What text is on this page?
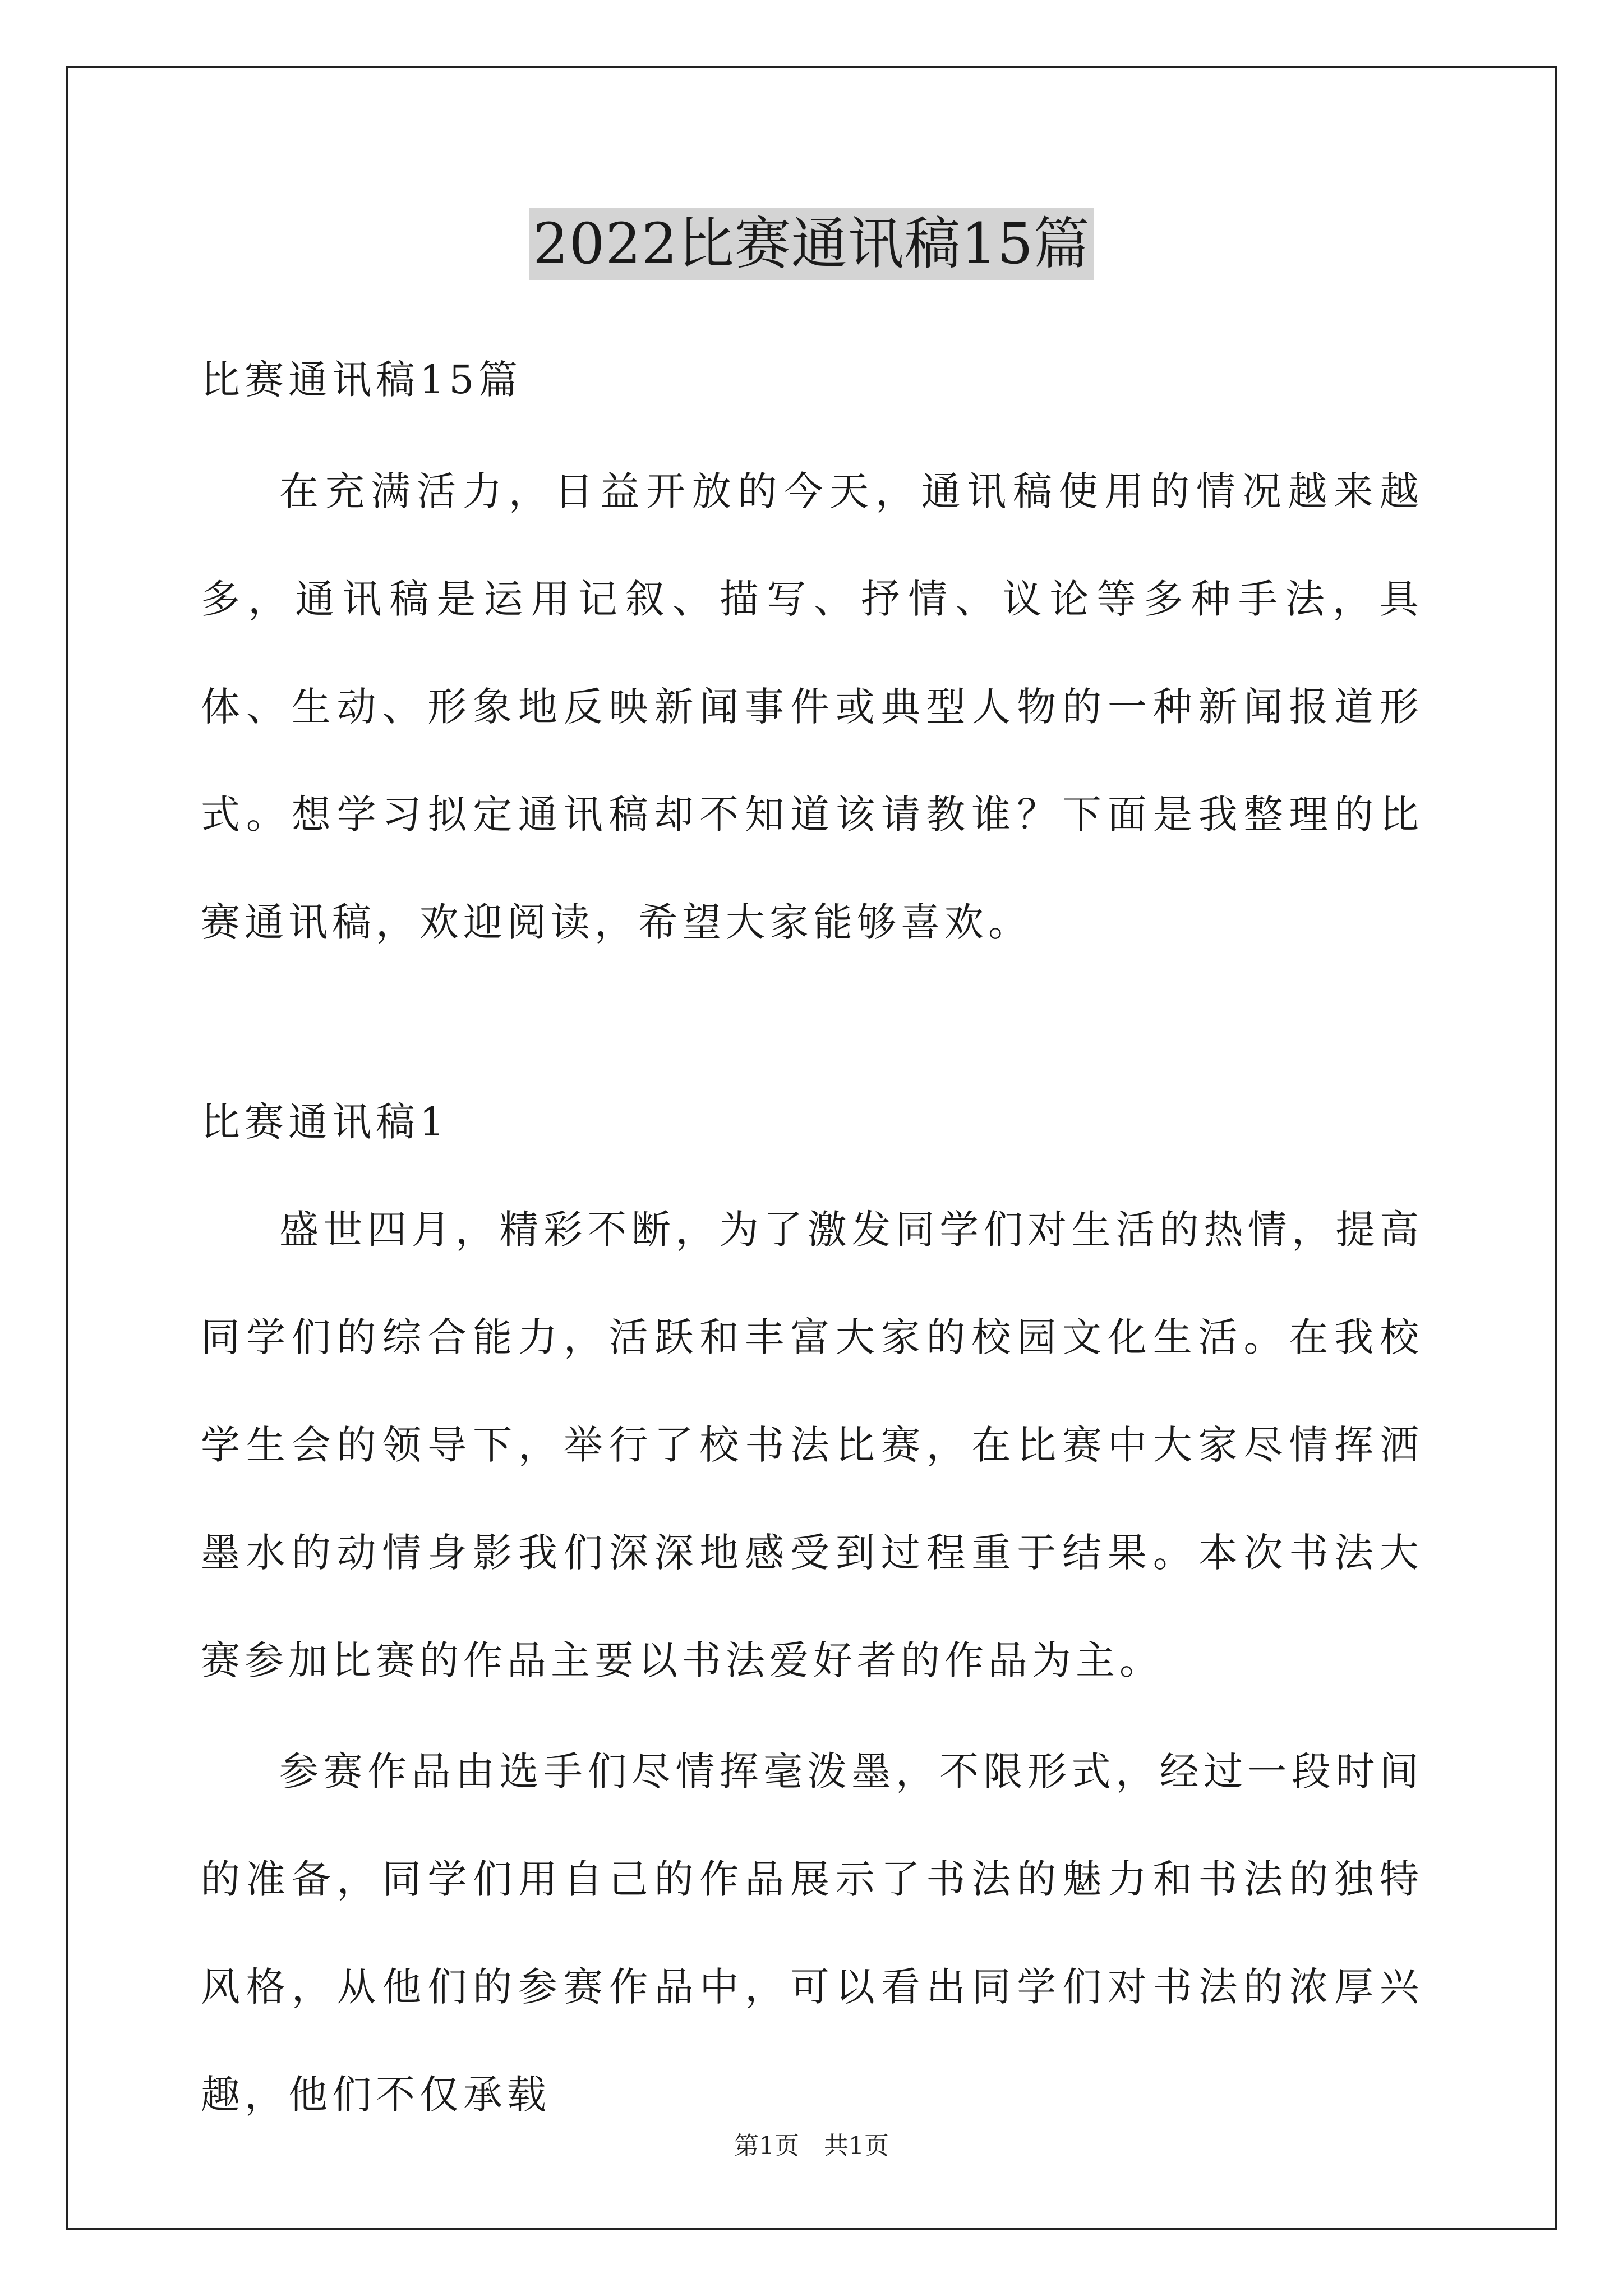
2022比赛通讯稿15篇

比赛通讯稿15篇

在充满活力，日益开放的今天，通讯稿使用的情况越来越多，通讯稿是运用记叙、描写、抒情、议论等多种手法，具体、生动、形象地反映新闻事件或典型人物的一种新闻报道形式。想学习拟定通讯稿却不知道该请教谁？下面是我整理的比赛通讯稿，欢迎阅读，希望大家能够喜欢。

比赛通讯稿1

盛世四月，精彩不断，为了激发同学们对生活的热情，提高同学们的综合能力，活跃和丰富大家的校园文化生活。在我校学生会的领导下，举行了校书法比赛，在比赛中大家尽情挥洒墨水的动情身影我们深深地感受到过程重于结果。本次书法大赛参加比赛的作品主要以书法爱好者的作品为主。

参赛作品由选手们尽情挥毫泼墨，不限形式，经过一段时间的准备，同学们用自己的作品展示了书法的魅力和书法的独特风格，从他们的参赛作品中，可以看出同学们对书法的浓厚兴趣，他们不仅承载

第1页　共1页
